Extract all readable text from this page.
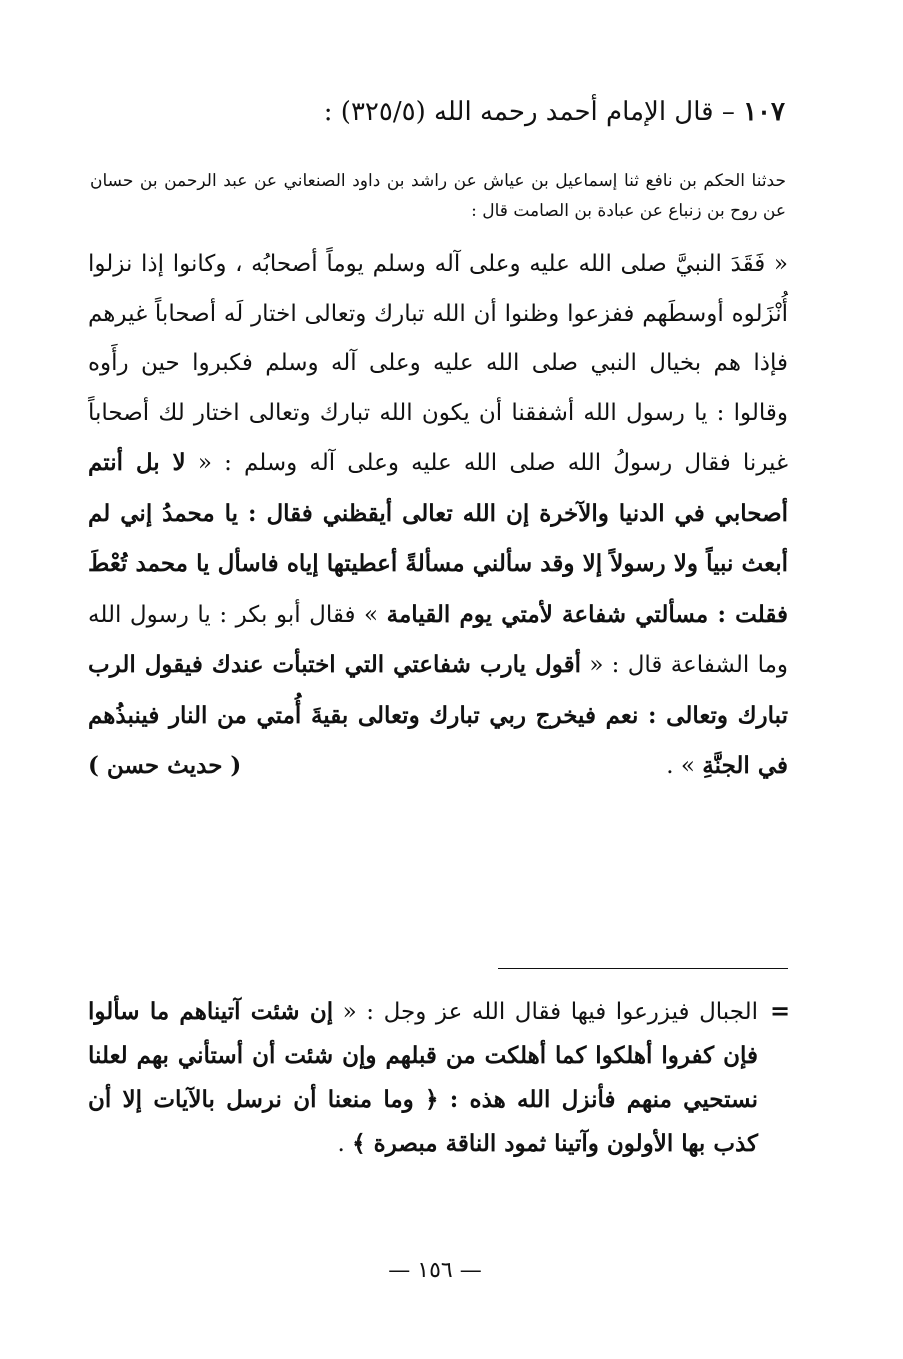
١٠٧ – قال الإمام أحمد رحمه الله (٣٢٥/٥) :
حدثنا الحكم بن نافع ثنا إسماعيل بن عياش عن راشد بن داود الصنعاني عن عبد الرحمن بن حسان عن روح بن زنباع عن عبادة بن الصامت قال :
« فَقَدَ النبيَّ صلى الله عليه وعلى آله وسلم يوماً أصحابُه ، وكانوا إذا نزلوا أُنْزَلوه أوسطَهم ففزعوا وظنوا أن الله تبارك وتعالى اختار لَه أصحاباً غيرهم فإذا هم بخيال النبي صلى الله عليه وعلى آله وسلم فكبروا حين رأَوه وقالوا : يا رسول الله أشفقنا أن يكون الله تبارك وتعالى اختار لك أصحاباً غيرنا فقال رسولُ الله صلى الله عليه وعلى آله وسلم : « لا بل أنتم أصحابي في الدنيا والآخرة إن الله تعالى أيقظني فقال : يا محمدُ إني لم أبعث نبياً ولا رسولاً إلا وقد سألني مسألةً أعطيتها إياه فاسأل يا محمد تُعْطَ فقلت : مسألتي شفاعة لأمتي يوم القيامة » فقال أبو بكر : يا رسول الله وما الشفاعة قال : « أقول يارب شفاعتي التي اختبأت عندك فيقول الرب تبارك وتعالى : نعم فيخرج ربي تبارك وتعالى بقيةَ أُمتي من النار فينبذُهم في الجنَّةِ » .
( حديث حسن )
=
الجبال فيزرعوا فيها فقال الله عز وجل : « إن شئت آتيناهم ما سألوا فإن كفروا أهلكوا كما أهلكت من قبلهم وإن شئت أن أستأني بهم لعلنا نستحيي منهم فأنزل الله هذه : ﴿ وما منعنا أن نرسل بالآيات إلا أن كذب بها الأولون وآتينا ثمود الناقة مبصرة ﴾ .
— ١٥٦ —
